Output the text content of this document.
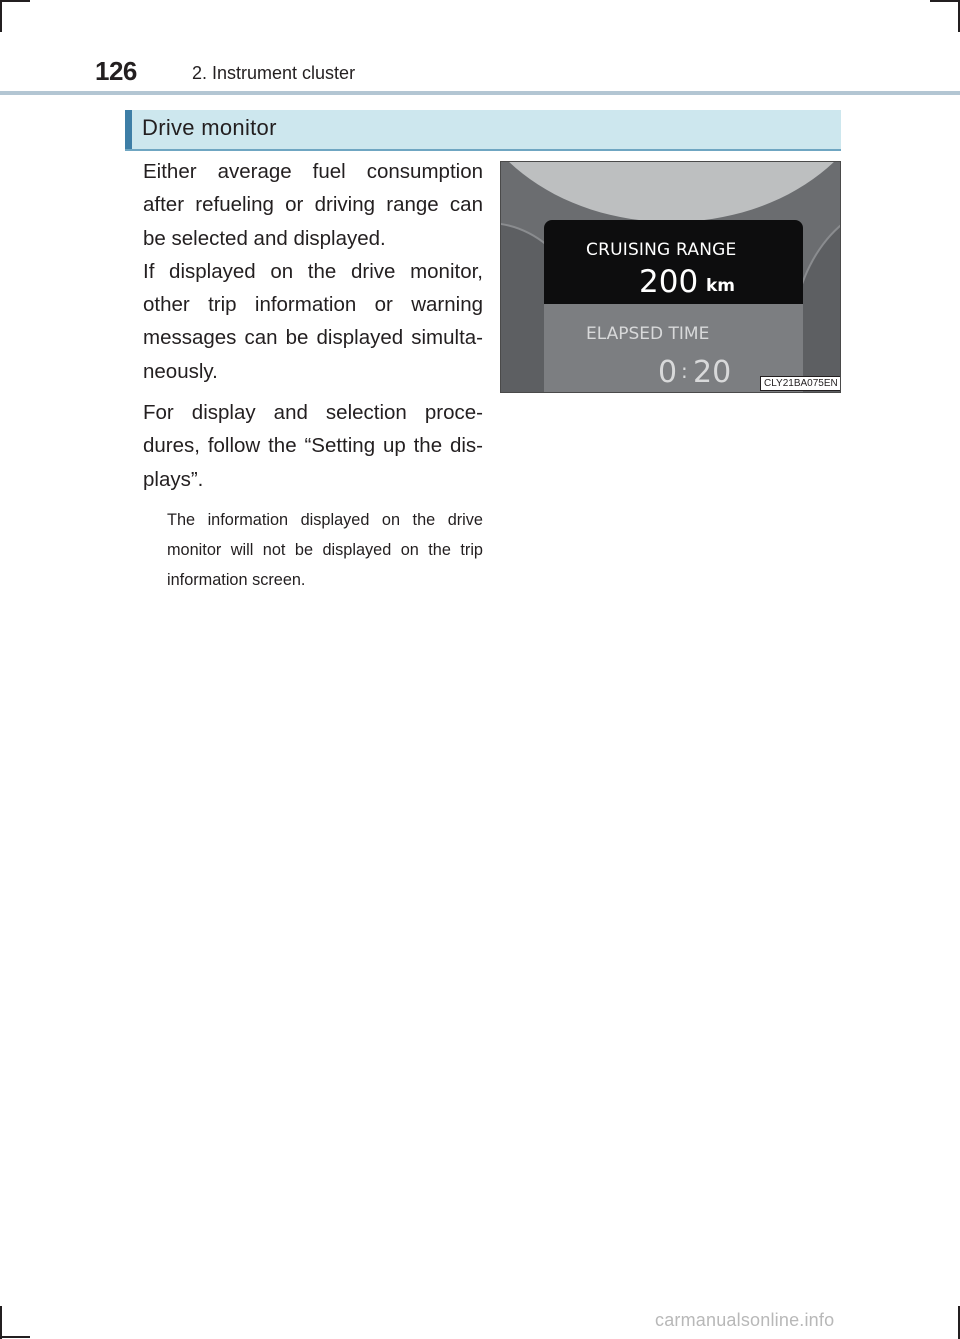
126	2. Instrument cluster
Drive monitor

Either average fuel consumption after refueling or driving range can be selected and displayed.

If displayed on the drive monitor, other trip information or warning messages can be displayed simulta-neously.

For display and selection proce-dures, follow the “Setting up the dis-plays”.

The information displayed on the drive monitor will not be displayed on the trip information screen.
CRUISING RANGE
200 km
ELAPSED TIME
0 : 20	CLY21BA075EN
carmanualsonline.info
